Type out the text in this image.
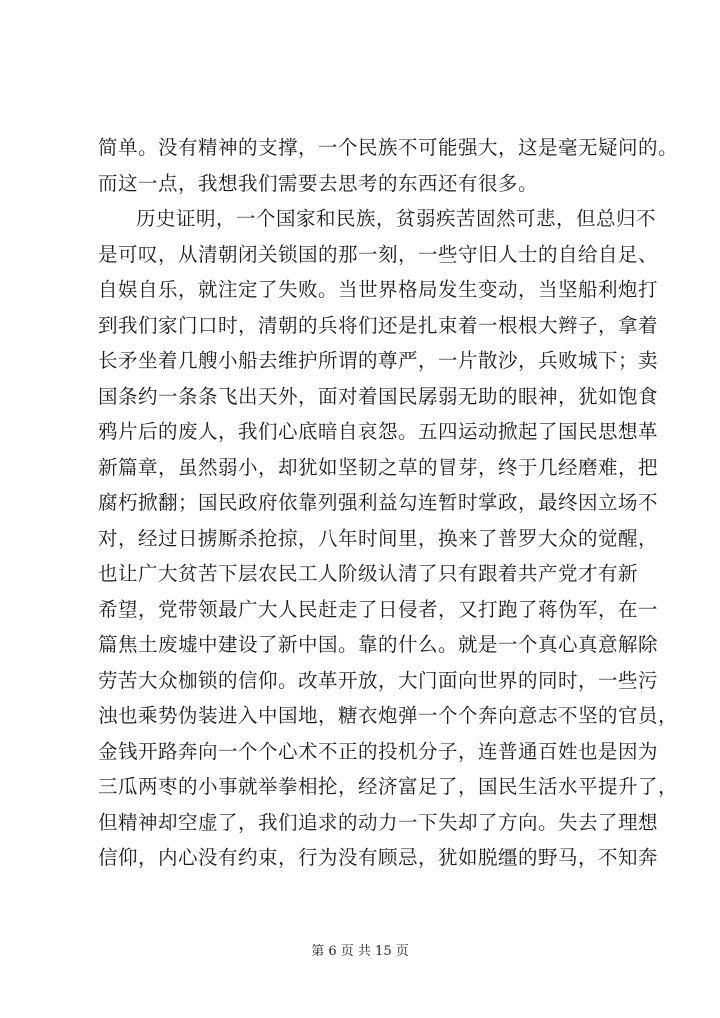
简单。没有精神的支撑，一个民族不可能强大，这是毫无疑问的。
而这一点，我想我们需要去思考的东西还有很多。
历史证明，一个国家和民族，贫弱疾苦固然可悲，但总归不
是可叹，从清朝闭关锁国的那一刻，一些守旧人士的自给自足、
自娱自乐，就注定了失败。当世界格局发生变动，当坚船利炮打
到我们家门口时，清朝的兵将们还是扎束着一根根大辫子，拿着
长矛坐着几艘小船去维护所谓的尊严，一片散沙，兵败城下；卖
国条约一条条飞出天外，面对着国民孱弱无助的眼神，犹如饱食
鸦片后的废人，我们心底暗自哀怨。五四运动掀起了国民思想革
新篇章，虽然弱小，却犹如坚韧之草的冒芽，终于几经磨难，把
腐朽掀翻；国民政府依靠列强利益勾连暂时掌政，最终因立场不
对，经过日掳厮杀抢掠，八年时间里，换来了普罗大众的觉醒，
也让广大贫苦下层农民工人阶级认清了只有跟着共产党才有新
希望，党带领最广大人民赶走了日侵者，又打跑了蒋伪军，在一
篇焦土废墟中建设了新中国。靠的什么。就是一个真心真意解除
劳苦大众枷锁的信仰。改革开放，大门面向世界的同时，一些污
浊也乘势伪装进入中国地，糖衣炮弹一个个奔向意志不坚的官员，
金钱开路奔向一个个心术不正的投机分子，连普通百姓也是因为
三瓜两枣的小事就举拳相抡，经济富足了，国民生活水平提升了，
但精神却空虚了，我们追求的动力一下失却了方向。失去了理想
信仰，内心没有约束，行为没有顾忌，犹如脱缰的野马，不知奔
第 6 页 共 15 页
